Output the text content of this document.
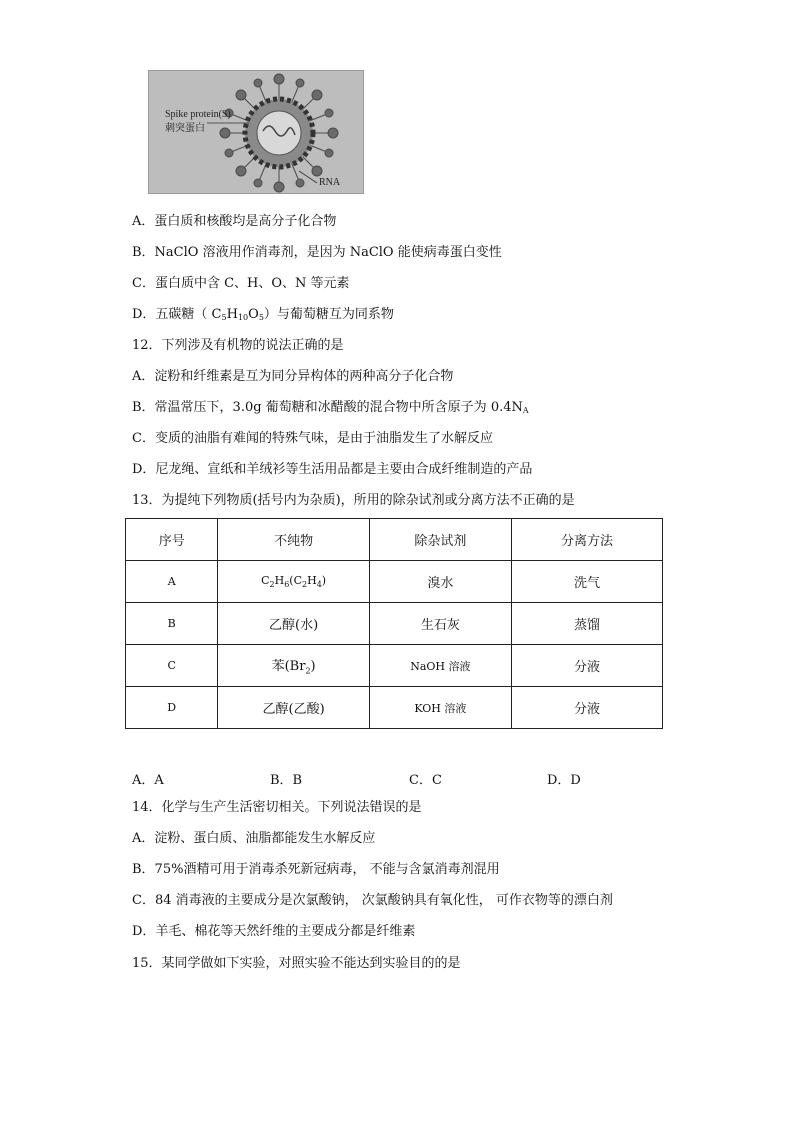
Spike protein(S)
刺突蛋白
RNA
A．蛋白质和核酸均是高分子化合物
B．NaClO 溶液用作消毒剂，是因为 NaClO 能使病毒蛋白变性
C．蛋白质中含 C、H、O、N 等元素
D．五碳糖（ $C_5H_{10}O_5$）与葡萄糖互为同系物
12．下列涉及有机物的说法正确的是
A．淀粉和纤维素是互为同分异构体的两种高分子化合物
B．常温常压下，3.0g 葡萄糖和冰醋酸的混合物中所含原子为 $0.4N_A$
C．变质的油脂有难闻的特殊气味，是由于油脂发生了水解反应
D．尼龙绳、宣纸和羊绒衫等生活用品都是主要由合成纤维制造的产品
13．为提纯下列物质(括号内为杂质)，所用的除杂试剂或分离方法不正确的是
序号	不纯物	除杂试剂	分离方法
A	$C_2H_6(C_2H_4)$	溴水	洗气
B	乙醇(水)	生石灰	蒸馏
C	苯$(Br_2)$	NaOH 溶液	分液
D	乙醇(乙酸)	KOH 溶液	分液
A．A	B．B	C．C	D．D
14．化学与生产生活密切相关。下列说法错误的是
A．淀粉、蛋白质、油脂都能发生水解反应
B．75%酒精可用于消毒杀死新冠病毒， 不能与含氯消毒剂混用
C．84 消毒液的主要成分是次氯酸钠， 次氯酸钠具有氧化性， 可作衣物等的漂白剂
D．羊毛、棉花等天然纤维的主要成分都是纤维素
15．某同学做如下实验，对照实验不能达到实验目的的是
